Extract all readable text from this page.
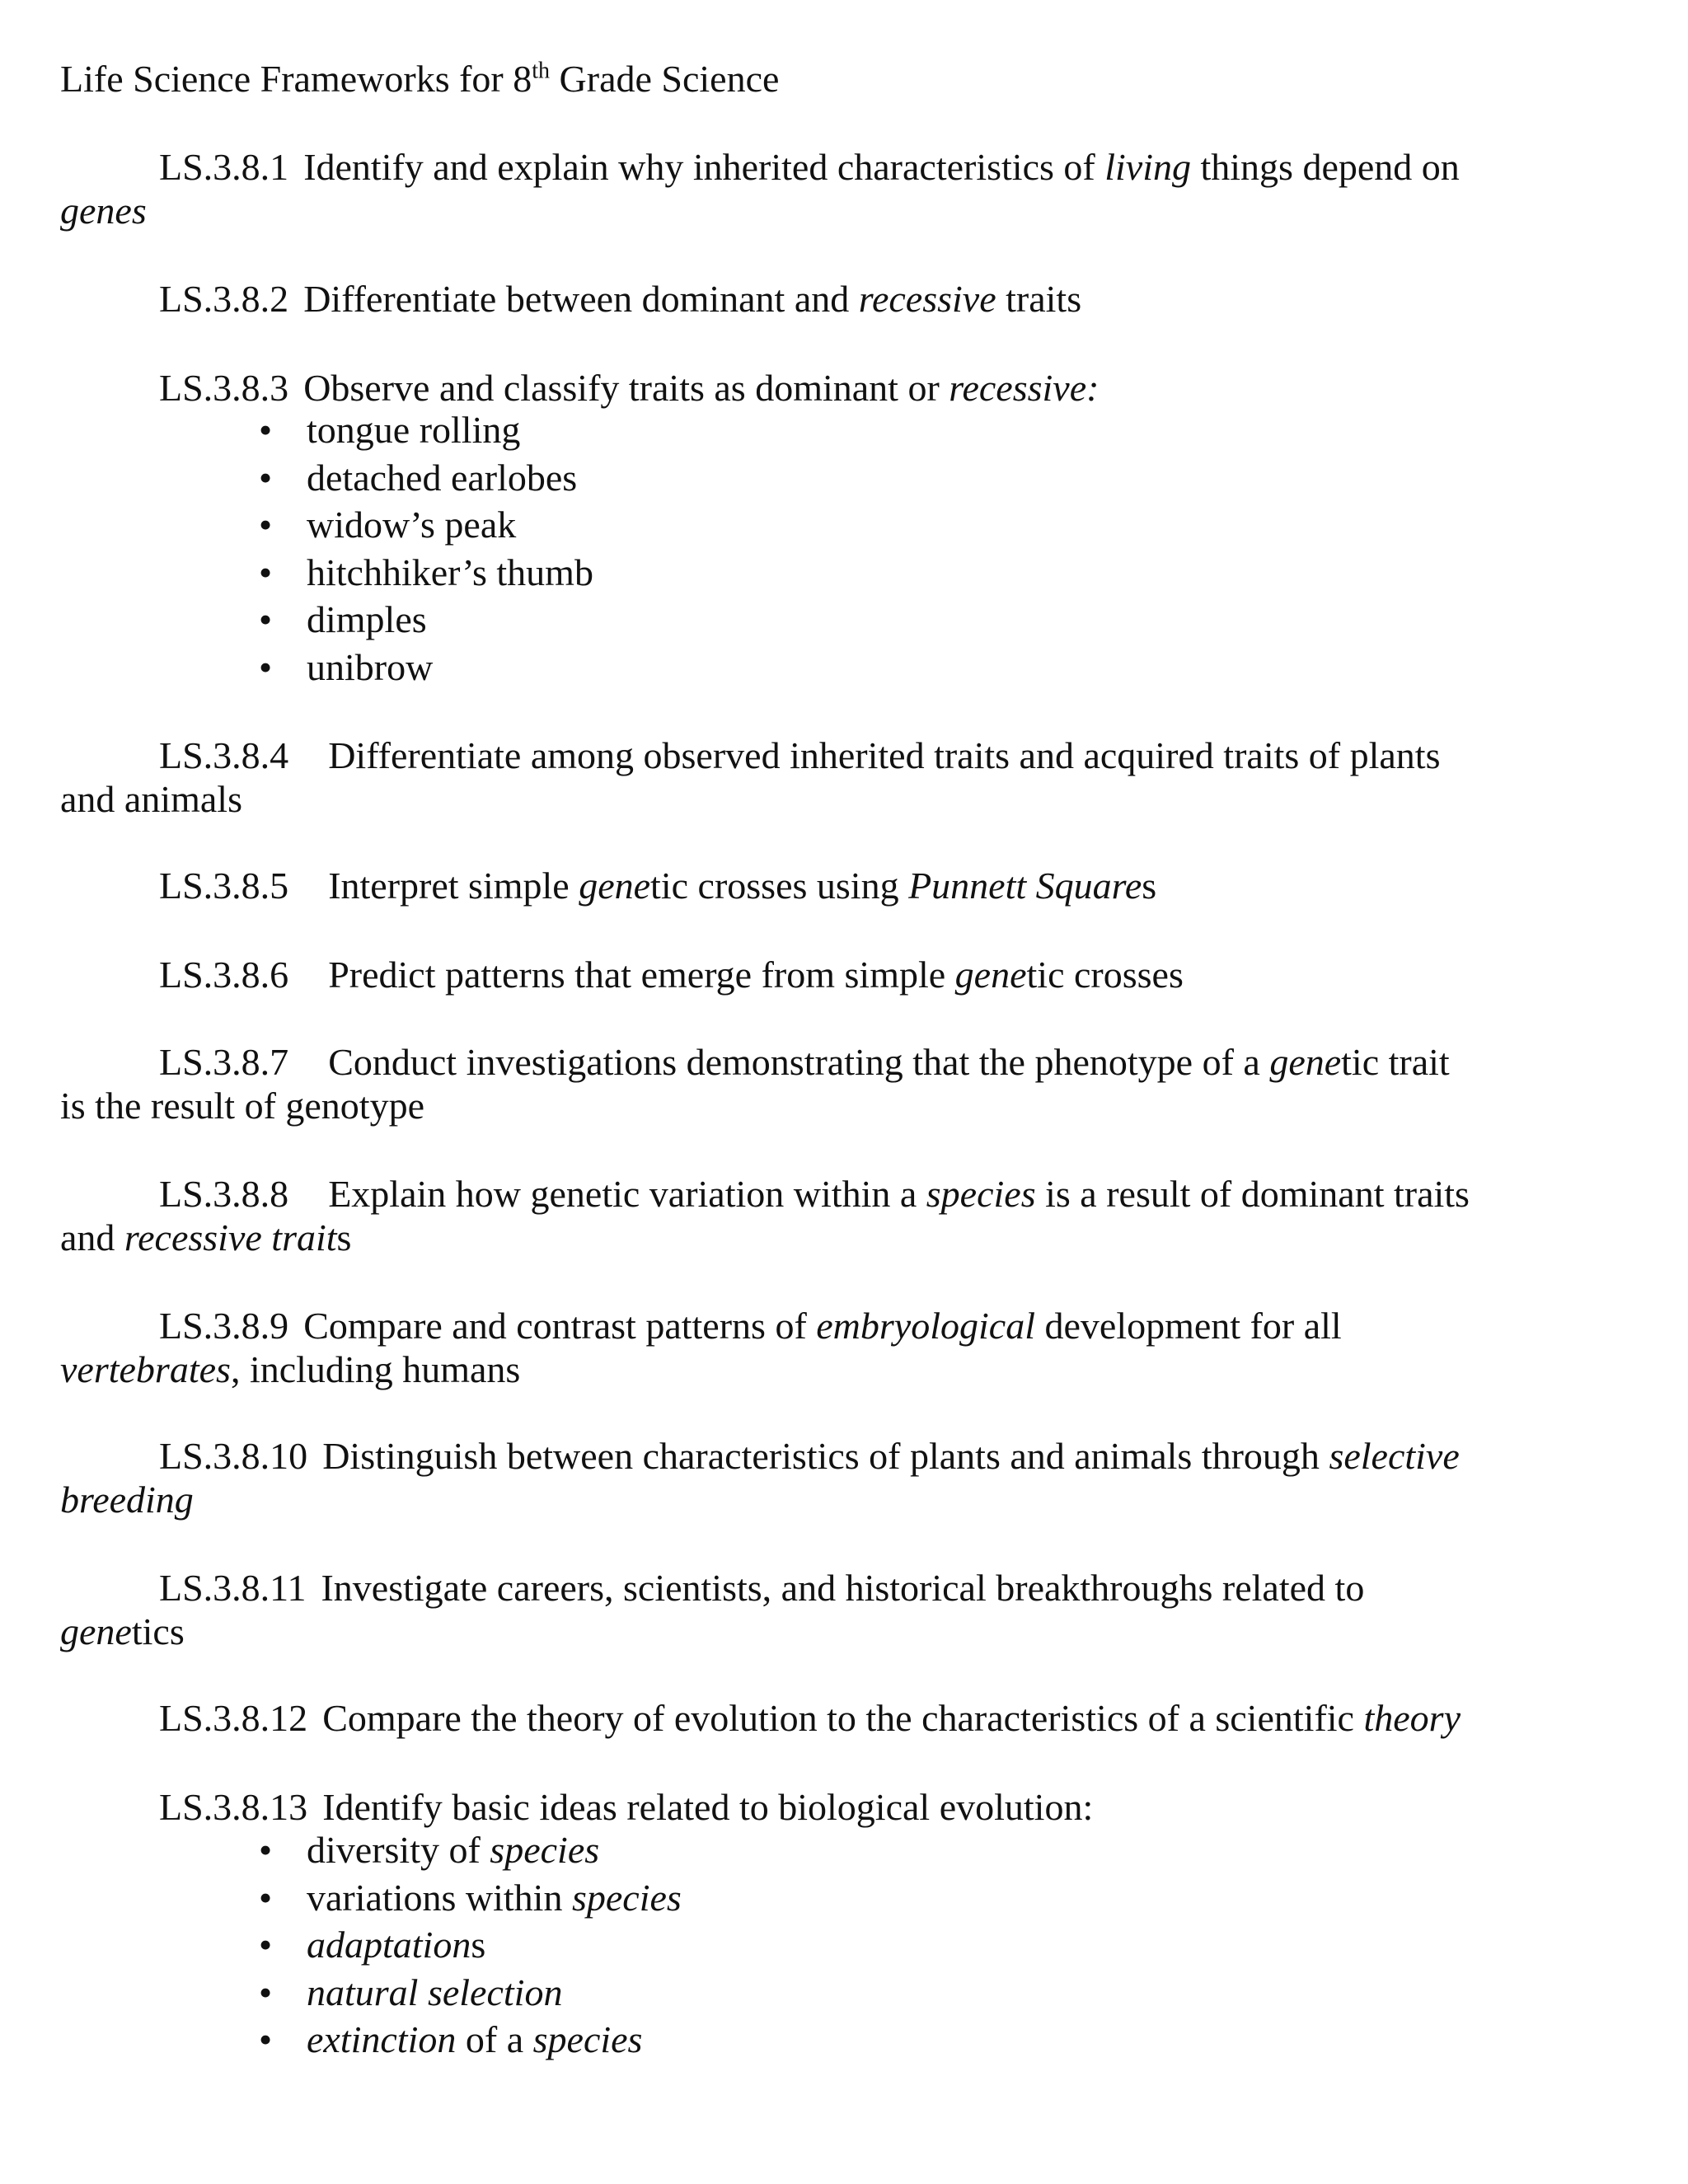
Life Science Frameworks for 8th Grade Science
LS.3.8.1 Identify and explain why inherited characteristics of living things depend on
genes
LS.3.8.2 Differentiate between dominant and recessive traits
LS.3.8.3 Observe and classify traits as dominant or recessive:
• tongue rolling
• detached earlobes
• widow’s peak
• hitchhiker’s thumb
• dimples
• unibrow
LS.3.8.4 Differentiate among observed inherited traits and acquired traits of plants
and animals
LS.3.8.5 Interpret simple genetic crosses using Punnett Squares
LS.3.8.6 Predict patterns that emerge from simple genetic crosses
LS.3.8.7 Conduct investigations demonstrating that the phenotype of a genetic trait
is the result of genotype
LS.3.8.8 Explain how genetic variation within a species is a result of dominant traits
and recessive traits
LS.3.8.9 Compare and contrast patterns of embryological development for all
vertebrates, including humans
LS.3.8.10 Distinguish between characteristics of plants and animals through selective
breeding
LS.3.8.11 Investigate careers, scientists, and historical breakthroughs related to
genetics
LS.3.8.12 Compare the theory of evolution to the characteristics of a scientific theory
LS.3.8.13 Identify basic ideas related to biological evolution:
• diversity of species
• variations within species
• adaptations
• natural selection
• extinction of a species
